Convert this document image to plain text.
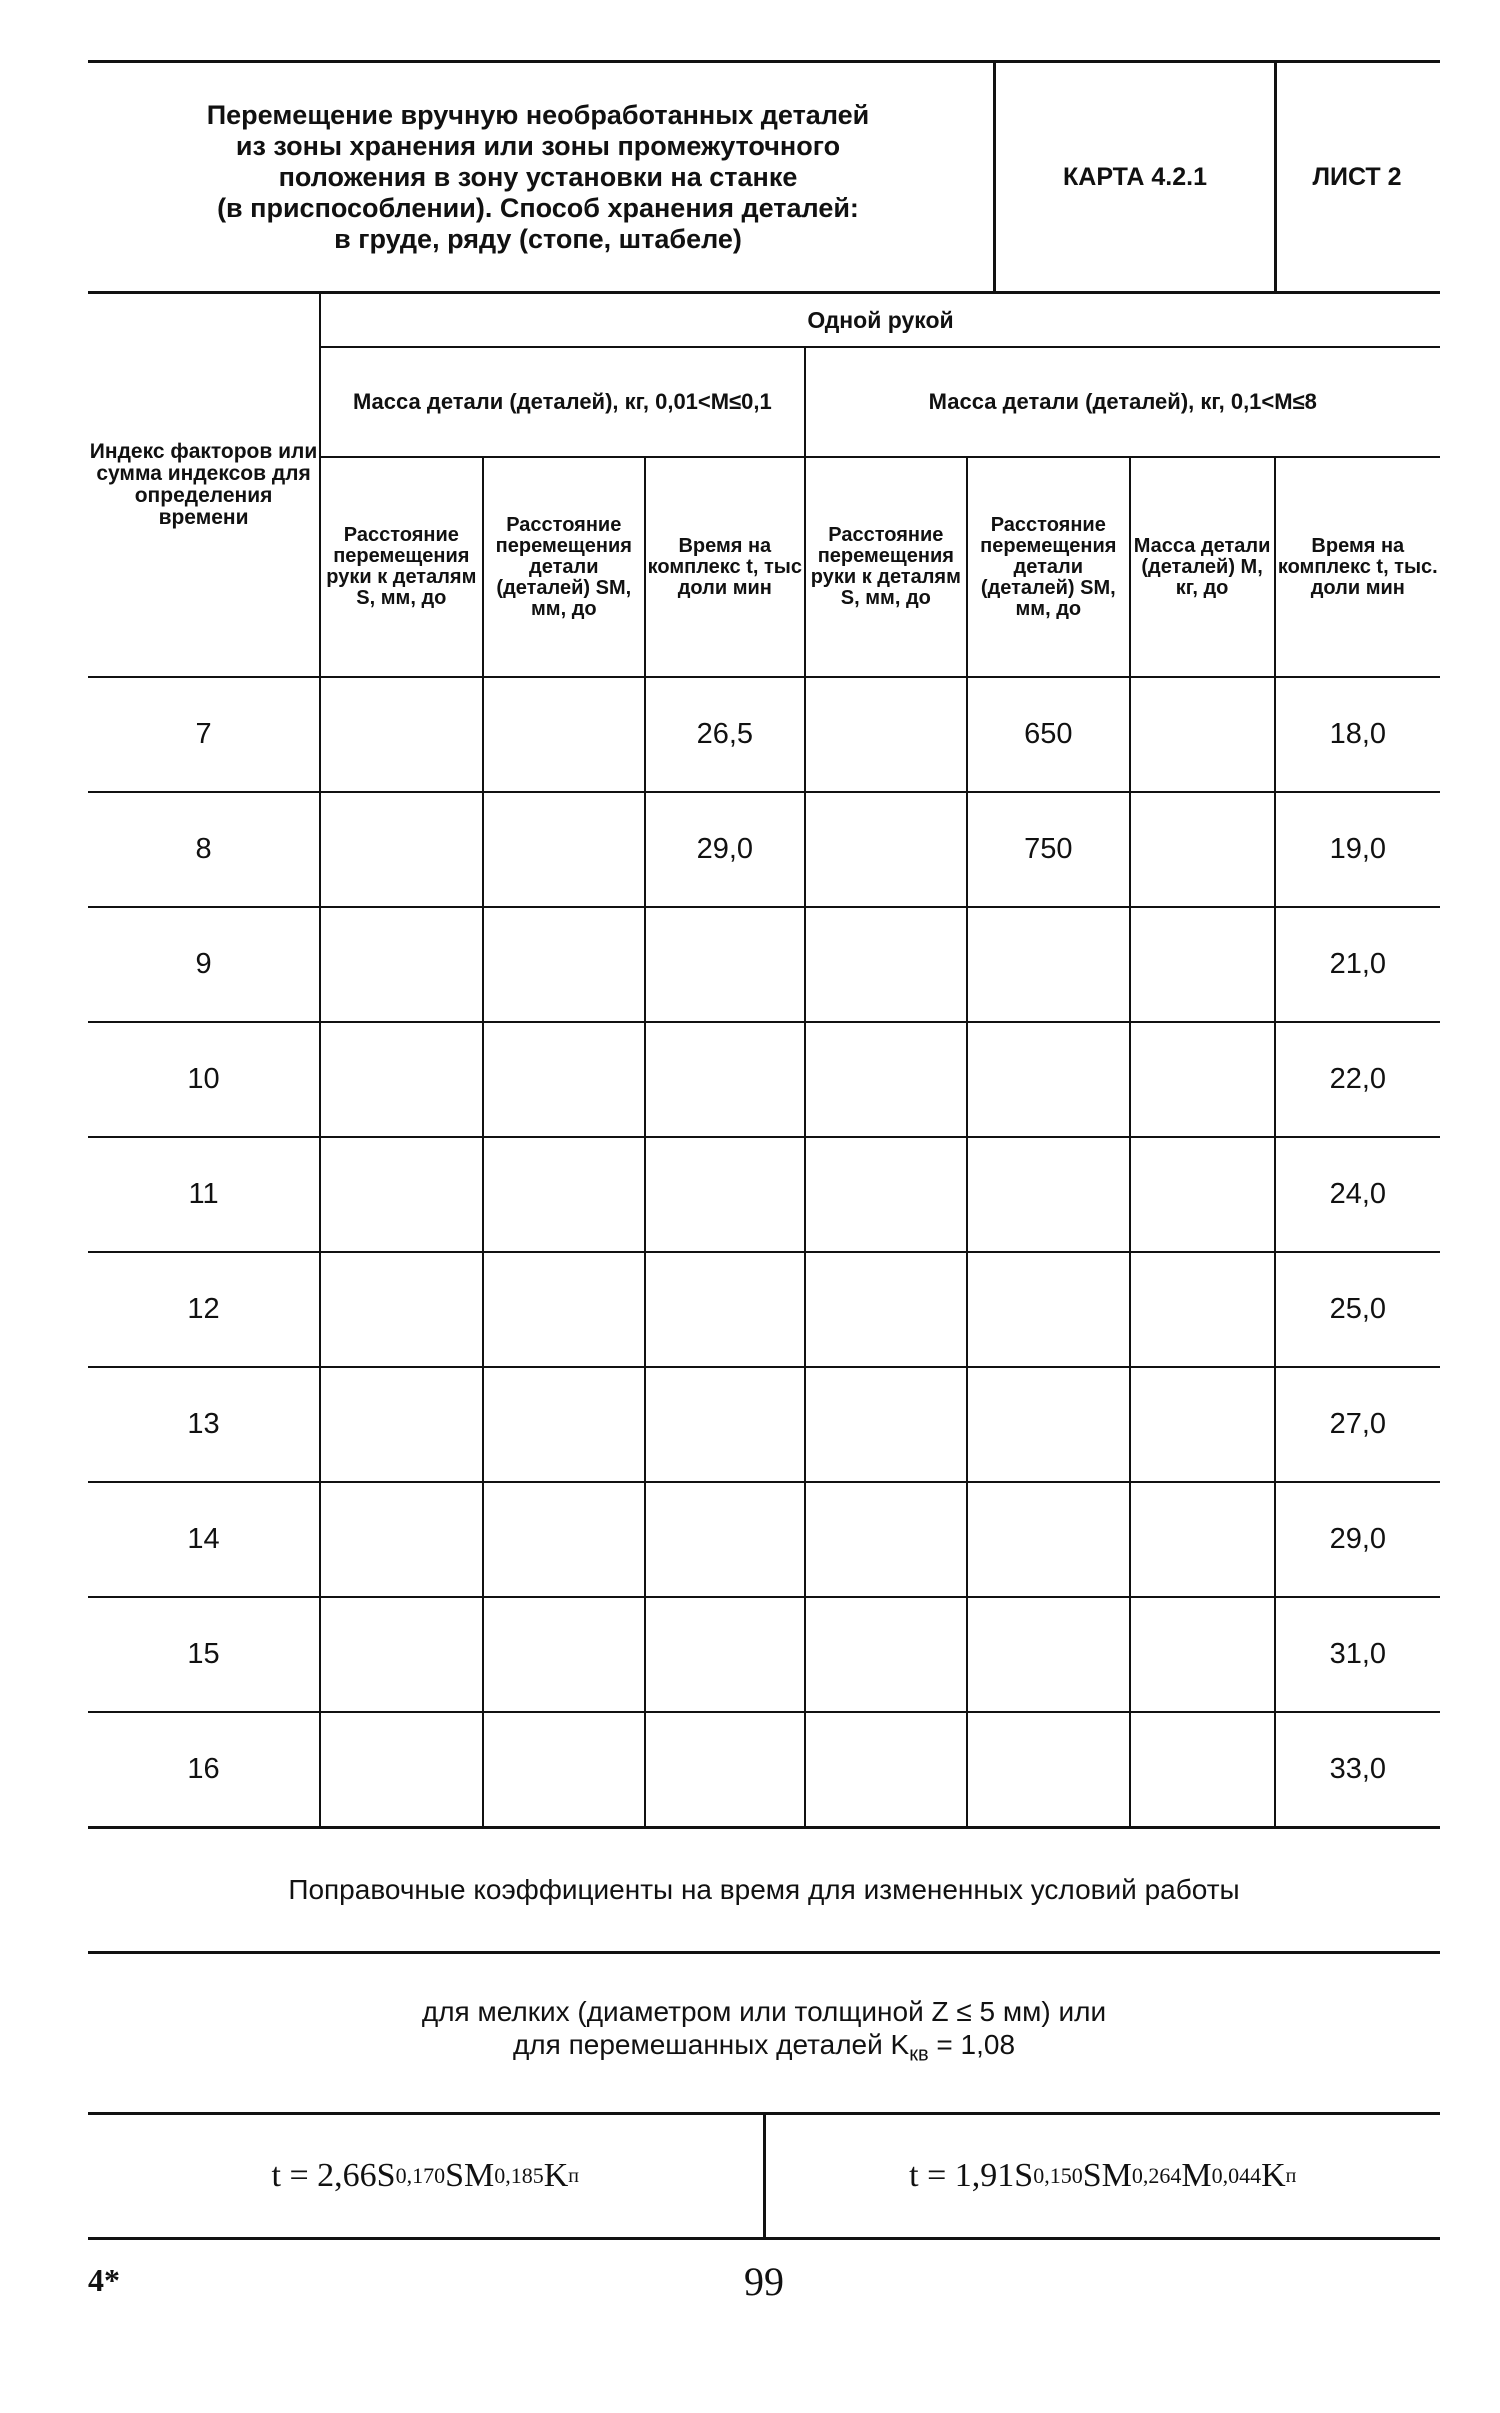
Перемещение вручную необработанных деталей
из зоны хранения или зоны промежуточного
положения в зону установки на станке
(в приспособлении). Способ хранения деталей:
в груде, ряду (стопе, штабеле)
КАРТА 4.2.1	ЛИСТ 2
Индекс факторов или сумма индексов для определения времени	Одной рукой						
	Масса детали (деталей), кг, 0,01<M≤0,1			Масса детали (деталей), кг, 0,1<M≤8			
	Расстояние перемещения руки к деталям S, мм, до	Расстояние перемещения детали (деталей) SM, мм, до	Время на комплекс t, тыс доли мин	Расстояние перемещения руки к деталям S, мм, до	Расстояние перемещения детали (деталей) SM, мм, до	Масса детали (деталей) M, кг, до	Время на комплекс t, тыс. доли мин
7			26,5		650		18,0
8			29,0		750		19,0
9							21,0
10							22,0
11							24,0
12							25,0
13							27,0
14							29,0
15							31,0
16							33,0
Поправочные коэффициенты на время для измененных условий работы
для мелких (диаметром или толщиной Z ≤ 5 мм) или
для перемешанных деталей $K_{кв} = 1,08$
t = 2,66S 0,170 SM 0,185 K п	t = 1,91S 0,150 SM 0,264 M 0,044 K п
4*	99
